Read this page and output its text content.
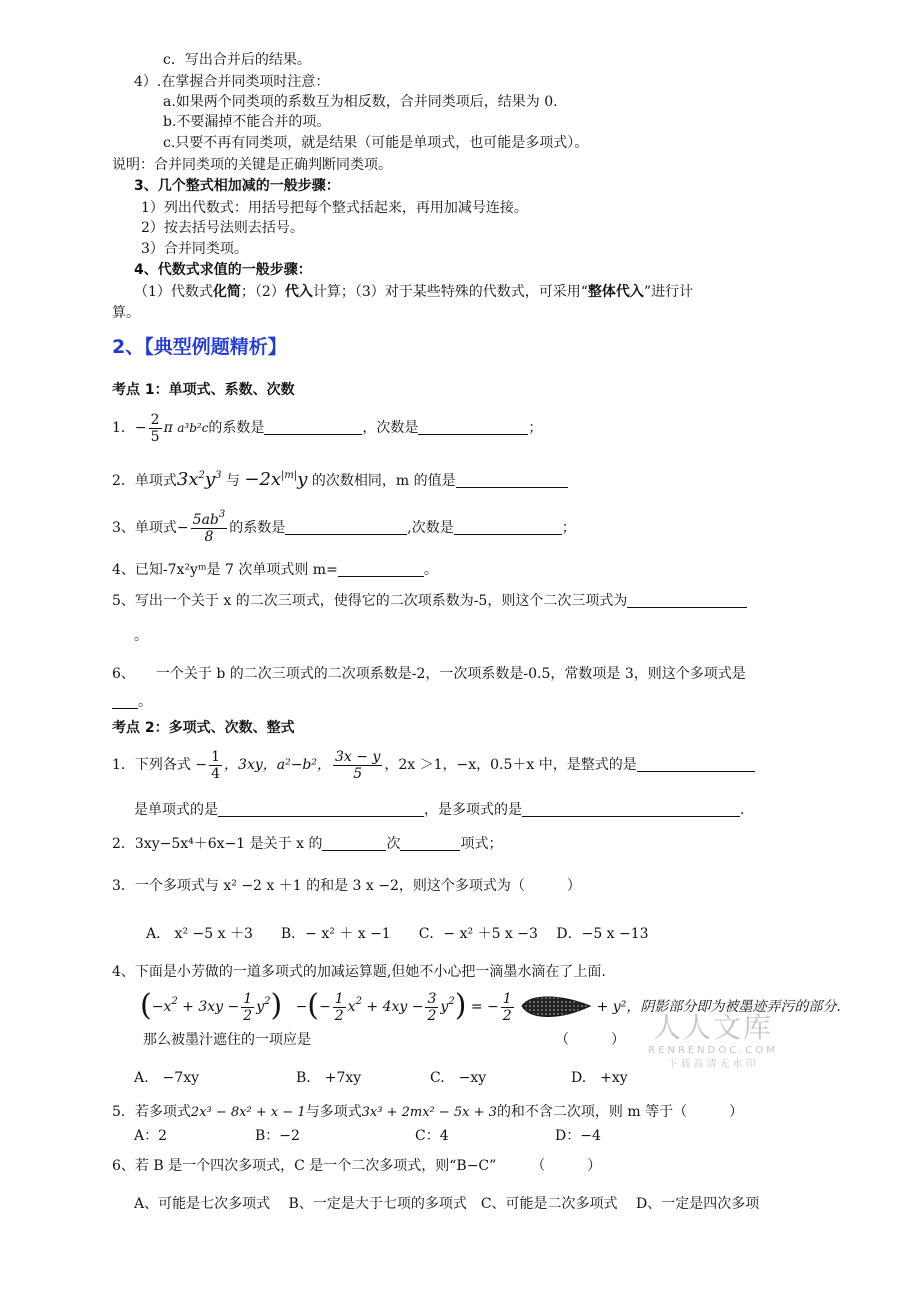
c．写出合并后的结果。
4）.在掌握合并同类项时注意：
a.如果两个同类项的系数互为相反数，合并同类项后，结果为 0.
b.不要漏掉不能合并的项。
c.只要不再有同类项，就是结果（可能是单项式，也可能是多项式）。
说明：合并同类项的关键是正确判断同类项。
3、几个整式相加减的一般步骤：
1）列出代数式：用括号把每个整式括起来，再用加减号连接。
2）按去括号法则去括号。
3）合并同类项。
4、代数式求值的一般步骤：
（1）代数式化简；（2）代入计算；（3）对于某些特殊的代数式，可采用“整体代入”进行计
算。
2、【典型例题精析】
考点 1：单项式、系数、次数
1．− $\frac{2}{5}$ π a³b²c的系数是	，次数是	；
2．单项式$3x^2y^3$ 与 $-2x^{|m|}y$ 的次数相同，m 的值是
3、单项式− $\frac{5ab^3}{8}$ 的系数是	,次数是	；
4、已知-7x²yᵐ是 7 次单项式则 m=	。
5、写出一个关于 x 的二次三项式，使得它的二次项系数为-5，则这个二次三项式为
。
6、　　一个关于 b 的二次三项式的二次项系数是-2，一次项系数是-0.5，常数项是 3，则这个多项式是
。
考点 2：多项式、次数、整式
1．下列各式 − $\frac{1}{4}$ ，3xy，a²−b²， $\frac{3x - y}{5}$ ，2x ＞1，−x，0.5＋x 中，是整式的是
是单项式的是	，是多项式的是	.
2．3xy−5x⁴＋6x−1 是关于 x 的	次	项式；
3．一个多项式与 x² −2 x ＋1 的和是 3 x −2，则这个多项式为（　　　）
A． x² −5 x ＋3　　B．− x² ＋ x −1　　C．− x² ＋5 x −3　 D．−5 x −13
4、下面是小芳做的一道多项式的加减运算题,但她不小心把一滴墨水滴在了上面.
$(-x^2 + 3xy - \frac{1}{2} y^2)$ −(− $\frac{1}{2} x^2 + 4xy - \frac{3}{2} y^2$) = − $\frac{1}{2}$	+ y²，阴影部分即为被墨迹弄污的部分.
那么被墨汁遮住的一项应是	（　　　）
A.　−7xy	B.　+7xy	C.　−xy	D.　+xy
5．若多项式2x³ − 8x² + x − 1与多项式3x³ + 2mx² − 5x + 3的和不含二次项，则 m 等于（　　　）
A：2	B：−2	C：4	D：−4
6、若 B 是一个四次多项式，C 是一个二次多项式，则“B−C”　　　（　　　）
A、可能是七次多项式　 B、一定是大于七项的多项式　C、可能是二次多项式　 D、一定是四次多项
人人文库
RENRENDOC.COM
下载高清无水印
